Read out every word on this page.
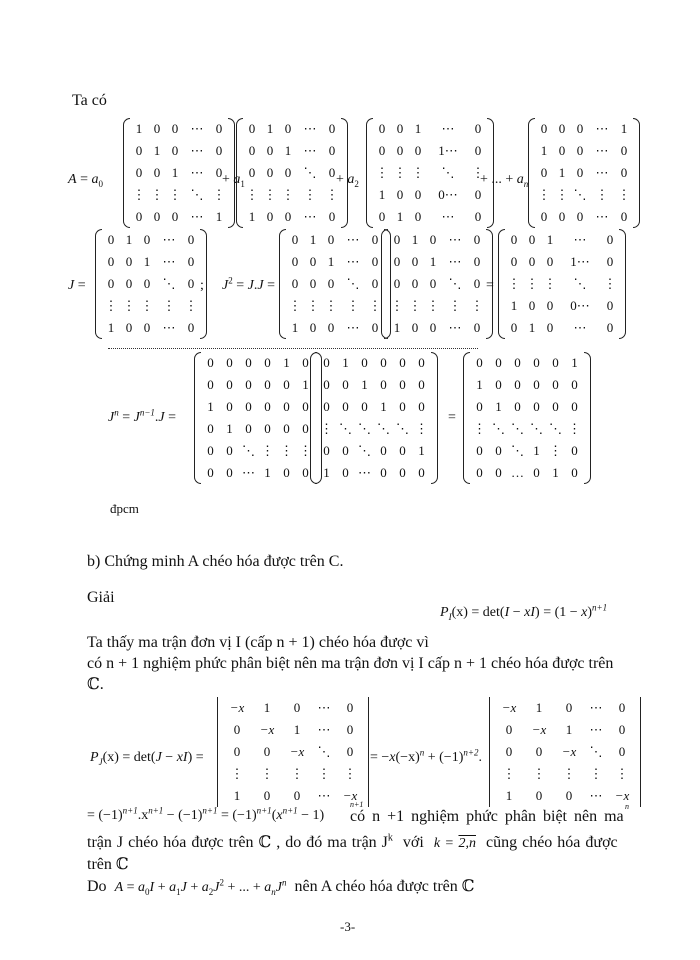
Ta có
$A = a_0$
1 0 0 ⋯ 0
0 1 0 ⋯ 0
0 0 1 ⋯ 0
⋮ ⋮ ⋮ ⋱ ⋮
0 0 0 ⋯ 1
+ $a_1$
0 1 0 ⋯ 0
0 0 1 ⋯ 0
0 0 0 ⋱ 0
⋮ ⋮ ⋮ ⋮ ⋮
1 0 0 ⋯ 0
+ $a_2$
0 0 1	⋯	0
0 0 0	1⋯	0
⋮ ⋮ ⋮	⋱	⋮
1 0 0	0⋯	0
0 1 0	⋯	0
+ ... + $a_n$
0 0 0 ⋯ 1
1 0 0 ⋯ 0
0 1 0 ⋯ 0
⋮ ⋮ ⋱ ⋮ ⋮
0 0 0 ⋯ 0
J =
0 1 0 ⋯ 0
0 0 1 ⋯ 0
0 0 0 ⋱ 0
⋮ ⋮ ⋮ ⋮ ⋮
1 0 0 ⋯ 0
; $J^2 = J.J$ =
0 1 0 ⋯ 0
0 0 1 ⋯ 0
0 0 0 ⋱ 0
⋮ ⋮ ⋮ ⋮ ⋮
1 0 0 ⋯ 0
0 1 0 ⋯ 0
0 0 1 ⋯ 0
0 0 0 ⋱ 0
⋮ ⋮ ⋮ ⋮ ⋮
1 0 0 ⋯ 0
=
0 0 1	⋯	0
0 0 0	1⋯	0
⋮ ⋮ ⋮	⋱	⋮
1 0 0	0⋯	0
0 1 0	⋯	0
$J^n = J^{n-1}.J$ =
0 0 0 0 1 0
0 0 0 0 0 1
1 0 0 0 0 0
0 1 0 0 0 0
0 0 ⋱ ⋮ ⋮ ⋮
0 0 ⋯ 1 0 0
0 1 0 0 0 0
0 0 1 0 0 0
0 0 0 1 0 0
⋮ ⋱ ⋱ ⋱ ⋱ ⋮
0 0 ⋱ 0 0 1
1 0 ⋯ 0 0 0
=
0 0 0 0 0 1
1 0 0 0 0 0
0 1 0 0 0 0
⋮ ⋱ ⋱ ⋱ ⋱ ⋮
0 0 ⋱ 1 ⋮ 0
0 0 … 0 1 0
đpcm
b) Chứng minh A chéo hóa được trên C.
Giải
$P_I(x) = \det(I - xI) = (1 - x)^{n+1}$
Ta thấy ma trận đơn vị I (cấp n + 1) chéo hóa được vì
có n + 1 nghiệm phức phân biệt nên ma trận đơn vị I cấp n + 1 chéo hóa được trên
ℂ.
$P_J(x) = \det(J - xI)$ =
−x	1	0	⋯	0
0	−x	1	⋯	0
0	0	−x	⋱	0
⋮	⋮	⋮	⋮	⋮
1	0	0	⋯ −x
n+1
= $-x(-x)^n + (-1)^{n+2}$.
−x	1	0	⋯	0
0	−x	1	⋯	0
0	0	−x	⋱	0
⋮	⋮	⋮	⋮	⋮
1	0	0	⋯ −x
n
= $(-1)^{n+1}.x^{n+1} - (-1)^{n+1} = (-1)^{n+1}(x^{n+1} - 1)$ có n +1 nghiệm phức phân biệt nên ma
trận J chéo hóa được trên ℂ , do đó ma trận $J^k$ với k = 2,n cũng chéo hóa được
trên ℂ
Do $A = a_0I + a_1J + a_2J^2$ + ... + $a_nJ^n$ nên A chéo hóa được trên ℂ
-3-
